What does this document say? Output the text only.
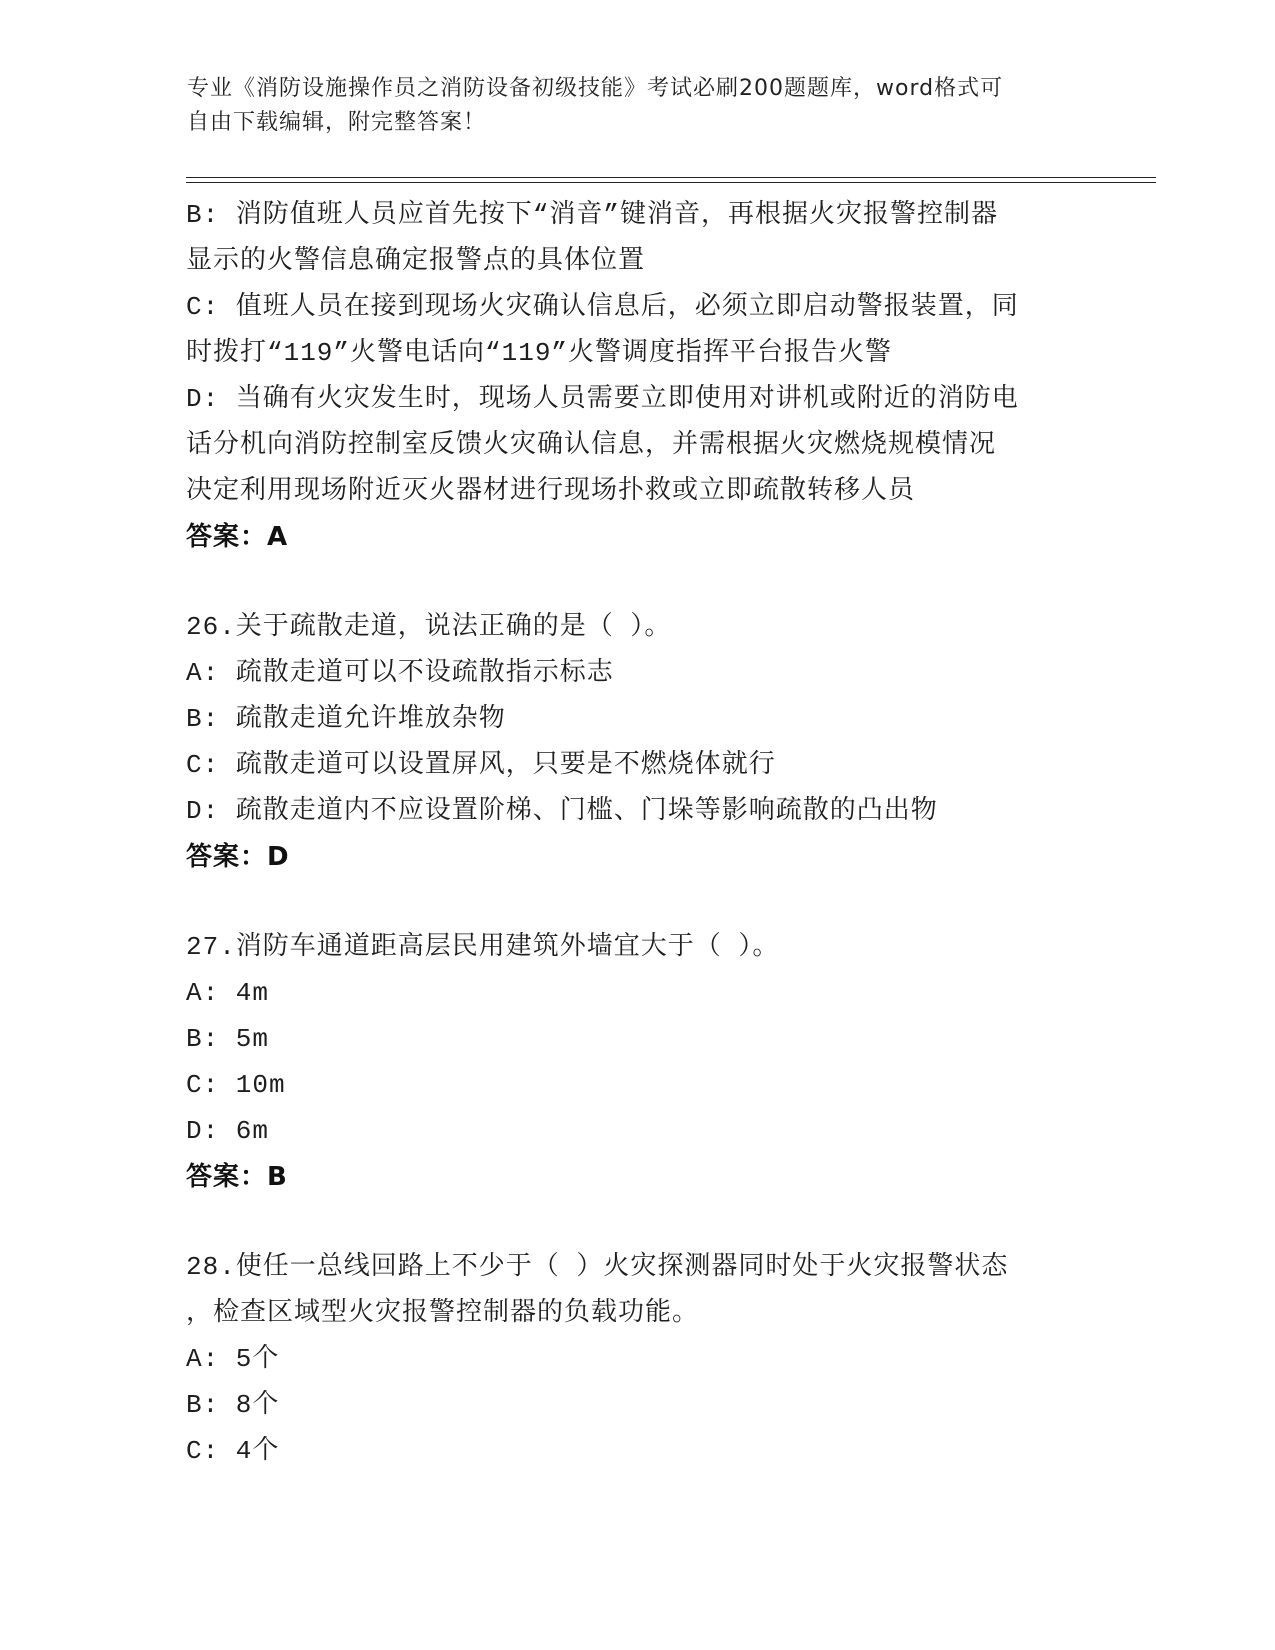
专业《消防设施操作员之消防设备初级技能》考试必刷200题题库，word格式可
自由下载编辑，附完整答案！
B: 消防值班人员应首先按下“消音”键消音，再根据火灾报警控制器
显示的火警信息确定报警点的具体位置
C: 值班人员在接到现场火灾确认信息后，必须立即启动警报装置，同
时拨打“119”火警电话向“119”火警调度指挥平台报告火警
D: 当确有火灾发生时，现场人员需要立即使用对讲机或附近的消防电
话分机向消防控制室反馈火灾确认信息，并需根据火灾燃烧规模情况
决定利用现场附近灭火器材进行现场扑救或立即疏散转移人员
答案：A
26.关于疏散走道，说法正确的是（ ）。
A: 疏散走道可以不设疏散指示标志
B: 疏散走道允许堆放杂物
C: 疏散走道可以设置屏风，只要是不燃烧体就行
D: 疏散走道内不应设置阶梯、门槛、门垛等影响疏散的凸出物
答案：D
27.消防车通道距高层民用建筑外墙宜大于（ ）。
A: 4m
B: 5m
C: 10m
D: 6m
答案：B
28.使任一总线回路上不少于（ ）火灾探测器同时处于火灾报警状态
，检查区域型火灾报警控制器的负载功能。
A: 5个
B: 8个
C: 4个
